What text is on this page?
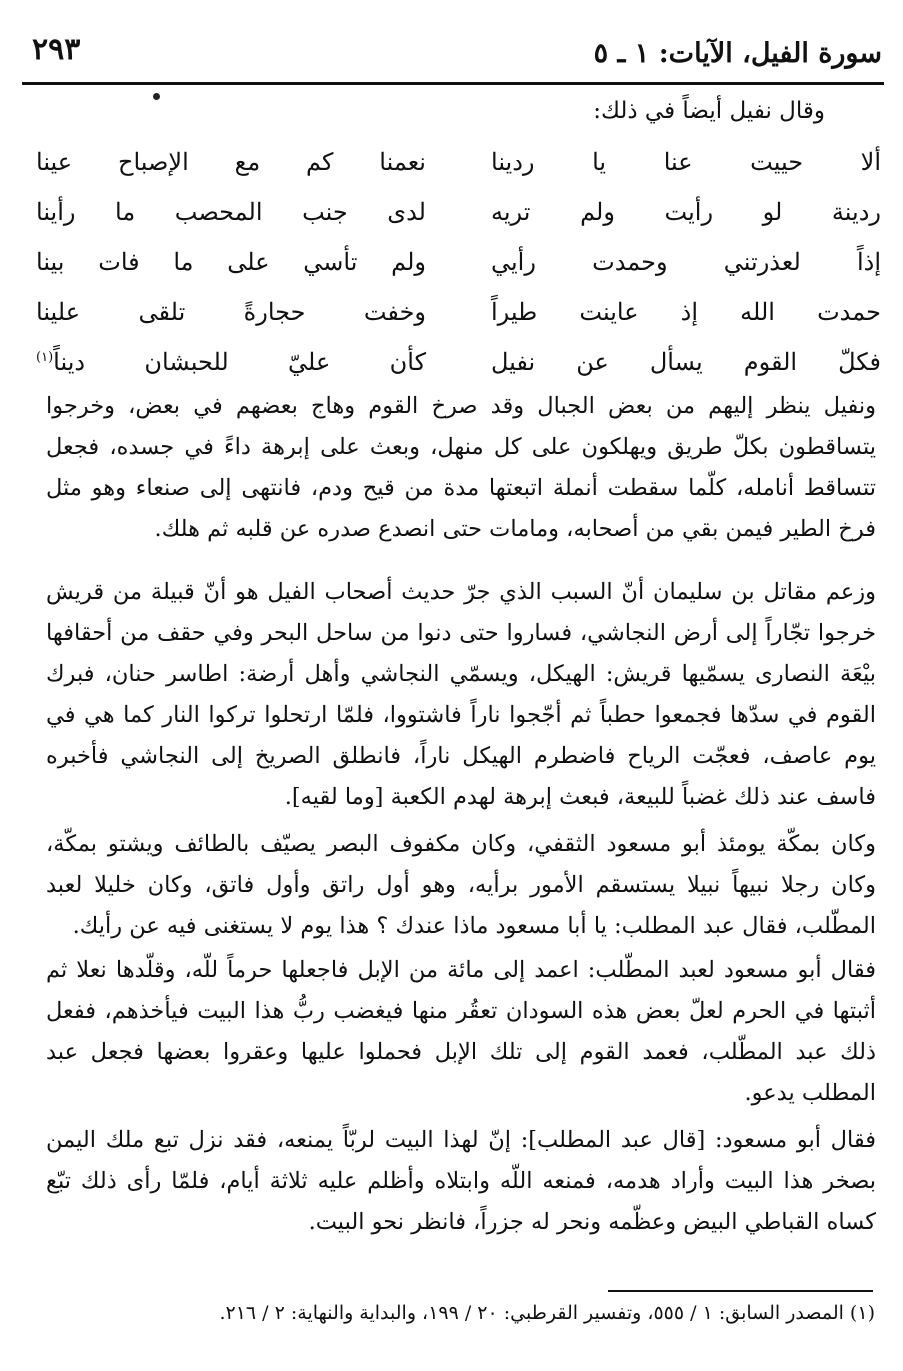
سورة الفيل، الآيات: ١ ـ ٥
٢٩٣
وقال نفيل أيضاً في ذلك:
ألا حييت عنا يا ردينا
نعمنا كم مع الإصباح عينا
ردينة لو رأيت ولم تريه
لدى جنب المحصب ما رأينا
إذاً لعذرتني وحمدت رأيي
ولم تأسي على ما فات بينا
حمدت الله إذ عاينت طيراً
وخفت حجارةً تلقى علينا
فكلّ القوم يسأل عن نفيل
كأن عليّ للحبشان ديناً$^{(١)}$
ونفيل ينظر إليهم من بعض الجبال وقد صرخ القوم وهاج بعضهم في بعض، وخرجوا يتساقطون بكلّ طريق ويهلكون على كل منهل، وبعث على إبرهة داءً في جسده، فجعل تتساقط أنامله، كلّما سقطت أنملة اتبعتها مدة من قيح ودم، فانتهى إلى صنعاء وهو مثل فرخ الطير فيمن بقي من أصحابه، ومامات حتى انصدع صدره عن قلبه ثم هلك.
وزعم مقاتل بن سليمان أنّ السبب الذي جرّ حديث أصحاب الفيل هو أنّ قبيلة من قريش خرجوا تجّاراً إلى أرض النجاشي، فساروا حتى دنوا من ساحل البحر وفي حقف من أحقافها بيْعَة النصارى يسمّيها قريش: الهيكل، ويسمّي النجاشي وأهل أرضة: اطاسر حنان، فبرك القوم في سدّها فجمعوا حطباً ثم أجّجوا ناراً فاشتووا، فلمّا ارتحلوا تركوا النار كما هي في يوم عاصف، فعجّت الرياح فاضطرم الهيكل ناراً، فانطلق الصريخ إلى النجاشي فأخبره فاسف عند ذلك غضباً للبيعة، فبعث إبرهة لهدم الكعبة [وما لقيه].
وكان بمكّة يومئذ أبو مسعود الثقفي، وكان مكفوف البصر يصيّف بالطائف ويشتو بمكّة، وكان رجلا نبيهاً نبيلا يستسقم الأمور برأيه، وهو أول راتق وأول فاتق، وكان خليلا لعبد المطّلب، فقال عبد المطلب: يا أبا مسعود ماذا عندك ؟ هذا يوم لا يستغنى فيه عن رأيك.
فقال أبو مسعود لعبد المطّلب: اعمد إلى مائة من الإبل فاجعلها حرماً للّه، وقلّدها نعلا ثم أثبتها في الحرم لعلّ بعض هذه السودان تعقُر منها فيغضب ربُّ هذا البيت فيأخذهم، ففعل ذلك عبد المطّلب، فعمد القوم إلى تلك الإبل فحملوا عليها وعقروا بعضها فجعل عبد المطلب يدعو.
فقال أبو مسعود: [قال عبد المطلب]: إنّ لهذا البيت لربّاً يمنعه، فقد نزل تبع ملك اليمن بصخر هذا البيت وأراد هدمه، فمنعه اللّه وابتلاه وأظلم عليه ثلاثة أيام، فلمّا رأى ذلك تبّع كساه القباطي البيض وعظّمه ونحر له جزراً، فانظر نحو البيت.
(١) المصدر السابق: ١ / ٥٥٥، وتفسير القرطبي: ٢٠ / ١٩٩، والبداية والنهاية: ٢ / ٢١٦.
